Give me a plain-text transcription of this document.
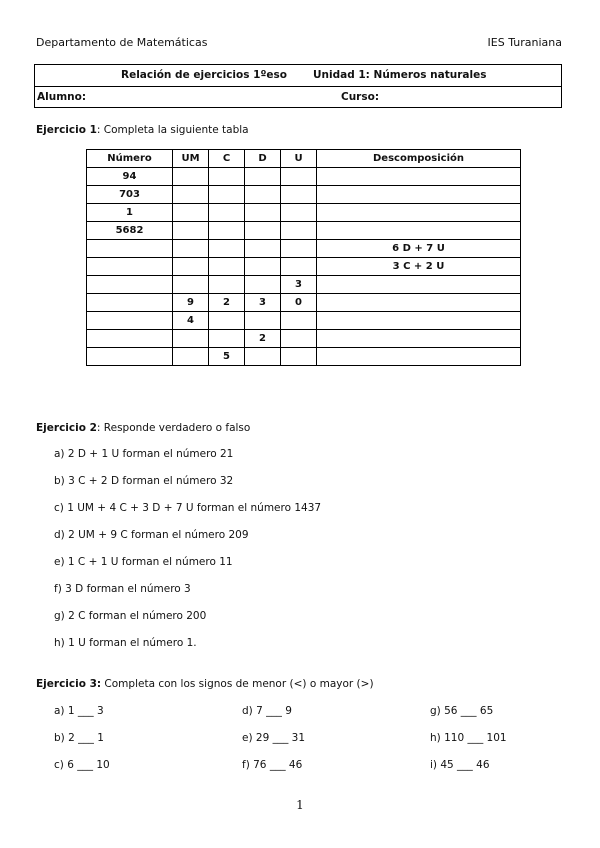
Departamento de Matemáticas	IES Turaniana
Relación de ejercicios 1ºeso Unidad 1: Números naturales
Alumno:	Curso:
Ejercicio 1: Completa la siguiente tabla
Número	UM	C	D	U	Descomposición
94					
703					
1					
5682					
					6 D + 7 U
					3 C + 2 U
				3	
	9	2	3	0	
	4				
			2		
		5			
Ejercicio 2: Responde verdadero o falso
a) 2 D + 1 U forman el número 21
b) 3 C + 2 D forman el número 32
c) 1 UM + 4 C + 3 D + 7 U forman el número 1437
d) 2 UM + 9 C forman el número 209
e) 1 C + 1 U forman el número 11
f) 3 D forman el número 3
g) 2 C forman el número 200
h) 1 U forman el número 1.
Ejercicio 3: Completa con los signos de menor (<) o mayor (>)
a) 1 ___ 3	d) 7 ___ 9	g) 56 ___ 65
b) 2 ___ 1	e) 29 ___ 31	h) 110 ___ 101
c) 6 ___ 10	f) 76 ___ 46	i) 45 ___ 46
1
